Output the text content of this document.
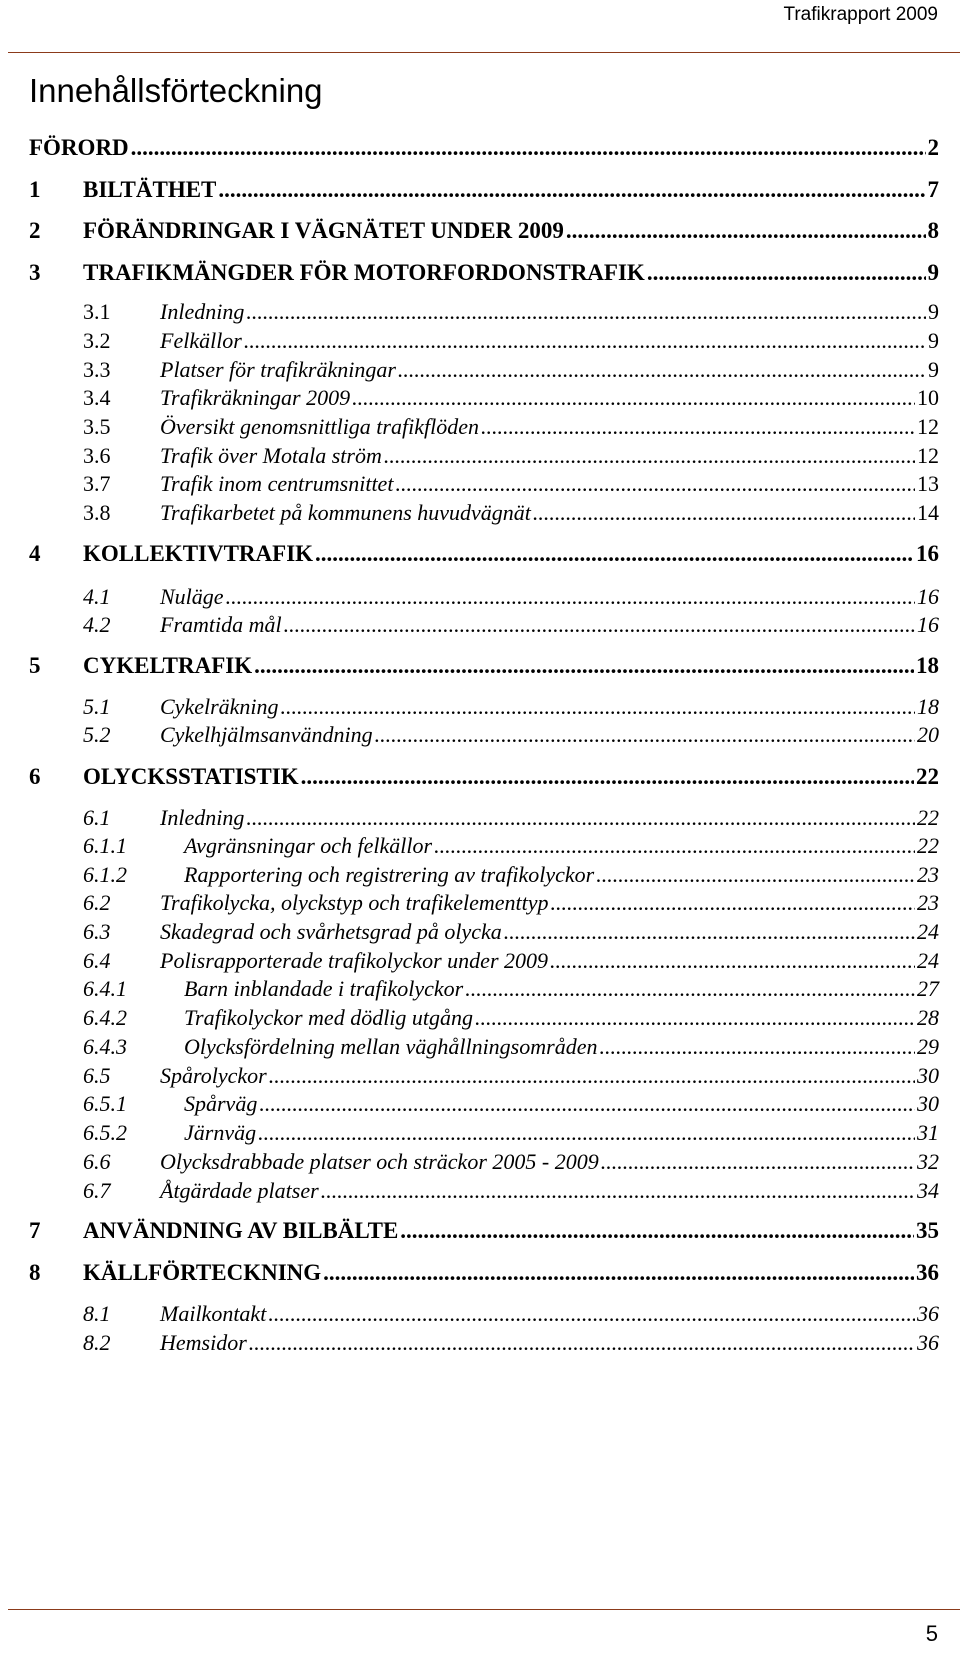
Trafikrapport 2009
Innehållsförteckning
FÖRORD .....	2
1	BILTÄTHET .....	7
2	FÖRÄNDRINGAR I VÄGNÄTET UNDER 2009 .....	8
3	TRAFIKMÄNGDER FÖR MOTORFORDONSTRAFIK .....	9
3.1	Inledning .....	9
3.2	Felkällor .....	9
3.3	Platser för trafikräkningar .....	9
3.4	Trafikräkningar 2009 .....	10
3.5	Översikt genomsnittliga trafikflöden .....	12
3.6	Trafik över Motala ström .....	12
3.7	Trafik inom centrumsnittet .....	13
3.8	Trafikarbetet på kommunens huvudvägnät .....	14
4	KOLLEKTIVTRAFIK .....	16
4.1	Nuläge .....	16
4.2	Framtida mål .....	16
5	CYKELTRAFIK .....	18
5.1	Cykelräkning .....	18
5.2	Cykelhjälmsanvändning .....	20
6	OLYCKSSTATISTIK .....	22
6.1	Inledning .....	22
6.1.1	Avgränsningar och felkällor .....	22
6.1.2	Rapportering och registrering av trafikolyckor .....	23
6.2	Trafikolycka, olyckstyp och trafikelementtyp .....	23
6.3	Skadegrad och svårhetsgrad på olycka .....	24
6.4	Polisrapporterade trafikolyckor under 2009 .....	24
6.4.1	Barn inblandade i trafikolyckor .....	27
6.4.2	Trafikolyckor med dödlig utgång .....	28
6.4.3	Olycksfördelning mellan väghållningsområden .....	29
6.5	Spårolyckor .....	30
6.5.1	Spårväg .....	30
6.5.2	Järnväg .....	31
6.6	Olycksdrabbade platser och sträckor 2005 - 2009 .....	32
6.7	Åtgärdade platser .....	34
7	ANVÄNDNING AV BILBÄLTE .....	35
8	KÄLLFÖRTECKNING .....	36
8.1	Mailkontakt .....	36
8.2	Hemsidor .....	36
5
